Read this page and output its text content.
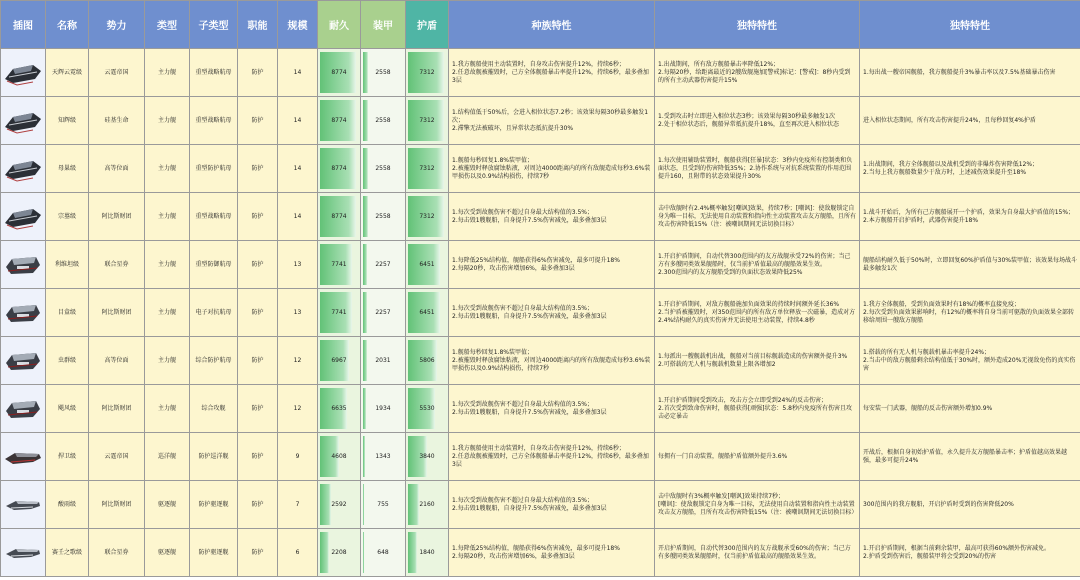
插图	名称	势力	类型	子类型	职能	规模	耐久	装甲	护盾	种族特性	独特特性	独特特性

	天辉云霓级	云霆帝国	主力舰	重型战略航母	防护	14	8774	2558	7312	1.我方舰船使用主动装置时，自身攻击伤害提升12%，持续6秒；
2.任意故舰被摧毁时，己方全体舰船暴击率提升12%，持续6秒，最多叠加3层	1.出战期间，所有敌方舰船暴击率降低12%；
2.每隔20秒，给距离最近的2艘敌舰施加[警戒]标记：[警戒]：8秒内受到的所有主动武器伤害提升15%	1.每出战一艘帝国舰船，我方舰船提升3%暴击率以及7.5%基础暴击伤害

	知辉级	硅基生命	主力舰	重型战略航母	防护	14	8774	2558	7312	1.结构值低于50%后，会进入相位状态7.2秒；该效果每隔30秒最多触发1次；
2.滞擎无法被破坏，且异常状态抵抗提升30%	1.受到攻击时立即进入相位状态3秒；该效果每隔30秒最多触发1次
2.处于相位状态后，舰船异常抵抗提升18%，直至再次进入相位状态	进入相位状态期间，所有攻击伤害提升24%，且每秒回复4%护盾

	母巢级	高等位面	主力舰	重型防护航母	防护	14	8774	2558	7312	1.舰船每秒回复1.8%装甲值；
2.被摧毁时释放腐蚀粘液，对周边4000距离内的所有敌舰造成每秒3.6%装甲损伤以及0.9%结构损伤，持续7秒	1.每次使用辅助装置时，舰船获得[狂暴]状态：3秒内免疫所有控制类和负面状态，且受到的伤害降低35%；2.协作系统与对抗系统装置的作用范围提升160，且附带的状态效果提升30%	1.出战期间，我方全体舰船以及战机受到的非爆炸伤害降低12%；
2.当每上我方舰船数量少于敌方时，上述减伤效果提升至18%

	宗墓级	阿比斯财团	主力舰	重型战略航母	防护	14	8774	2558	7312	1.每次受到故舰伤害不超过自身最大结构值的3.5%；
2.每击毁1艘舰船，自身提升7.5%伤害减免，最多叠加3层	击中敌舰时有2.4%概率触发[嘲讽]效果，持续7秒；[嘲讽]：使敌舰锁定自身为唯一目标，无法使用自动装置和指向性主动装置攻击友方舰船，且所有攻击伤害降低15%（注：被嘲讽期间无法切换目标）	1.战斗开始后，为所有己方舰船展开一个护盾，效果为自身最大护盾值的15%；
2.本方舰船开启护盾时，武器伤害提升18%

	利维坦级	联合星券	主力舰	重型防御航母	防护	13	7741	2257	6451	1.每降低25%结构值，舰船获得6%伤害减免，最多可提升18%
2.每隔20秒，攻击伤害增加6%，最多叠加3层	1.开启护盾期间，自动代替300范围内的友方战舰承受72%的伤害；当己方有多艘同类效果舰船时，仅当前护盾值最高的舰船效果生效。
2.300范围内的友方舰船受到的负面状态效果降低25%	舰船结构耐久低于50%时，立即回复60%护盾值与30%装甲值；该效果每场战斗最多触发1次

	目盒级	阿比斯财团	主力舰	电子对抗航母	防护	13	7741	2257	6451	1.每次受到故舰伤害不超过自身最大结构值的3.5%；
2.每击毁1艘舰船，自身提升7.5%伤害减免，最多叠加3层	1.开启护盾期间，对敌方舰船施加负面效果的持续时间额外延长36%
2.当护盾被摧毁时，对350范围内的所有敌方单位释放一次磁暴，造成对方2.4%结构耐久的真实伤害并无法使用主动装置，持续4.8秒	1.我方全体舰船，受到负面效果时有18%的概率直接免疫；
2.每次受到负面效果影响时，有12%的概率将自身当前可驱散的负面效果全部转移给周围一艘敌方舰船

	虫群级	高等位面	主力舰	综合防护航母	防护	12	6967	2031	5806	1.舰船每秒回复1.8%装甲值；
2.被摧毁时释放腐蚀粘液，对周边4000距离内的所有敌舰造成每秒3.6%装甲损伤以及0.9%结构损伤，持续7秒	1.每派出一艘舰载机出战，舰船对当前目标舰载造成的伤害额外提升3%
2.可搭载的无人机与舰载机数量上限各增加2	1.搭载的所有无人机与舰载机暴击率提升24%；
2.当击中的敌方舰船剩余结构值低于30%时，额外造成20%无视敌免伤的真实伤害

	飓风级	阿比斯财团	主力舰	综合攻舰	防护	12	6635	1934	5530	1.每次受到故舰伤害不超过自身最大结构值的3.5%；
2.每击毁1艘舰船，自身提升7.5%伤害减免，最多叠加3层	1.开启护盾期间受到攻击，攻击方会立即受到24%的反击伤害；
2.首次受到致命伤害时，舰船获得[顽强]状态：5.8秒内免疫所有伤害且攻击必定暴击	每安装一门武器，舰船的反击伤害额外增加0.9%

	捍卫级	云霆帝国	巡洋舰	防护巡洋舰	防护	9	4608	1343	3840	1.我方舰船使用主动装置时，自身攻击伤害提升12%，持续6秒；
2.任意故舰被摧毁时，己方全体舰船暴击率提升12%，持续6秒，最多叠加3层	每拥有一门自动装置，舰船护盾值额外提升3.6%	开战后，根据自身初始护盾值，永久提升友方舰船暴击率；护盾值越高效果越强，最多可提升24%

	酸雨级	阿比斯财团	驱逐舰	防护驱逐舰	防护	7	2592	755	2160	1.每次受到故舰伤害不超过自身最大结构值的3.5%；
2.每击毁1艘舰船，自身提升7.5%伤害减免，最多叠加3层	击中敌舰时有3%概率触发[嘲讽]效果持续7秒；
[嘲讽]：使敌舰锁定自身为唯一目标，无法使用自动装置和指向性主动装置攻击友方舰船，且所有攻击伤害降低15%（注：被嘲讽期间无法切换目标）	300范围内的我方舰船，开启护盾时受到的伤害降低20%

	赛壬之歌级	联合星券	驱逐舰	防护驱逐舰	防护	6	2208	648	1840	1.每降低25%结构值，舰船获得6%伤害减免，最多可提升18%
2.每隔20秒，攻击伤害增加6%，最多叠加3层	开启护盾期间，自动代替300范围内的友方战舰承受60%的伤害；当己方有多艘同类效果舰船时，仅当前护盾值最高的舰船效果生效。	1.开启护盾期间，根据当前剩余装甲，最高可获得60%额外伤害减免。
2.护盾受到伤害后，舰船装甲将会受到20%的伤害
